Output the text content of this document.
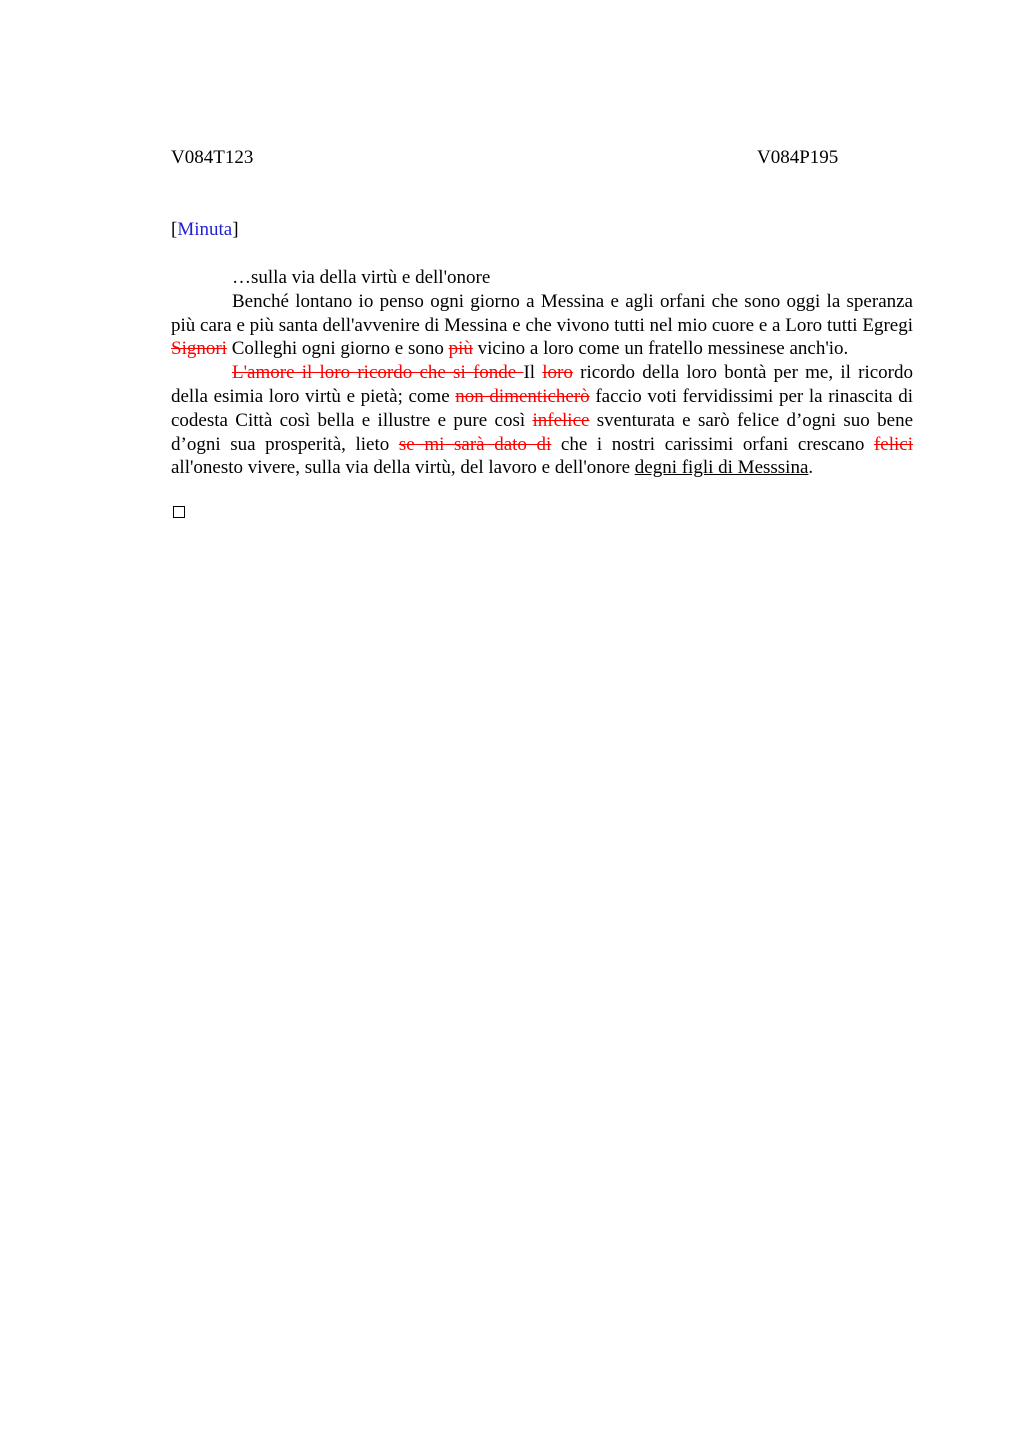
V084T123	V084P195
[Minuta]

…sulla via della virtù e dell'onore

Benché lontano io penso ogni giorno a Messina e agli orfani che sono oggi la speranza più cara e più santa dell'avvenire di Messina e che vivono tutti nel mio cuore e a Loro tutti Egregi Signori Colleghi ogni giorno e sono più vicino a loro come un fratello messinese anch'io.

L'amore il loro ricordo che si fonde Il loro ricordo della loro bontà per me, il ricordo della esimia loro virtù e pietà; come non dimenticherò faccio voti fervidissimi per la rinascita di codesta Città così bella e illustre e pure così infelice sventurata e sarò felice d’ogni suo bene d’ogni sua prosperità, lieto se mi sarà dato di che i nostri carissimi orfani crescano felici all'onesto vivere, sulla via della virtù, del lavoro e dell'onore degni figli di Messsina.
